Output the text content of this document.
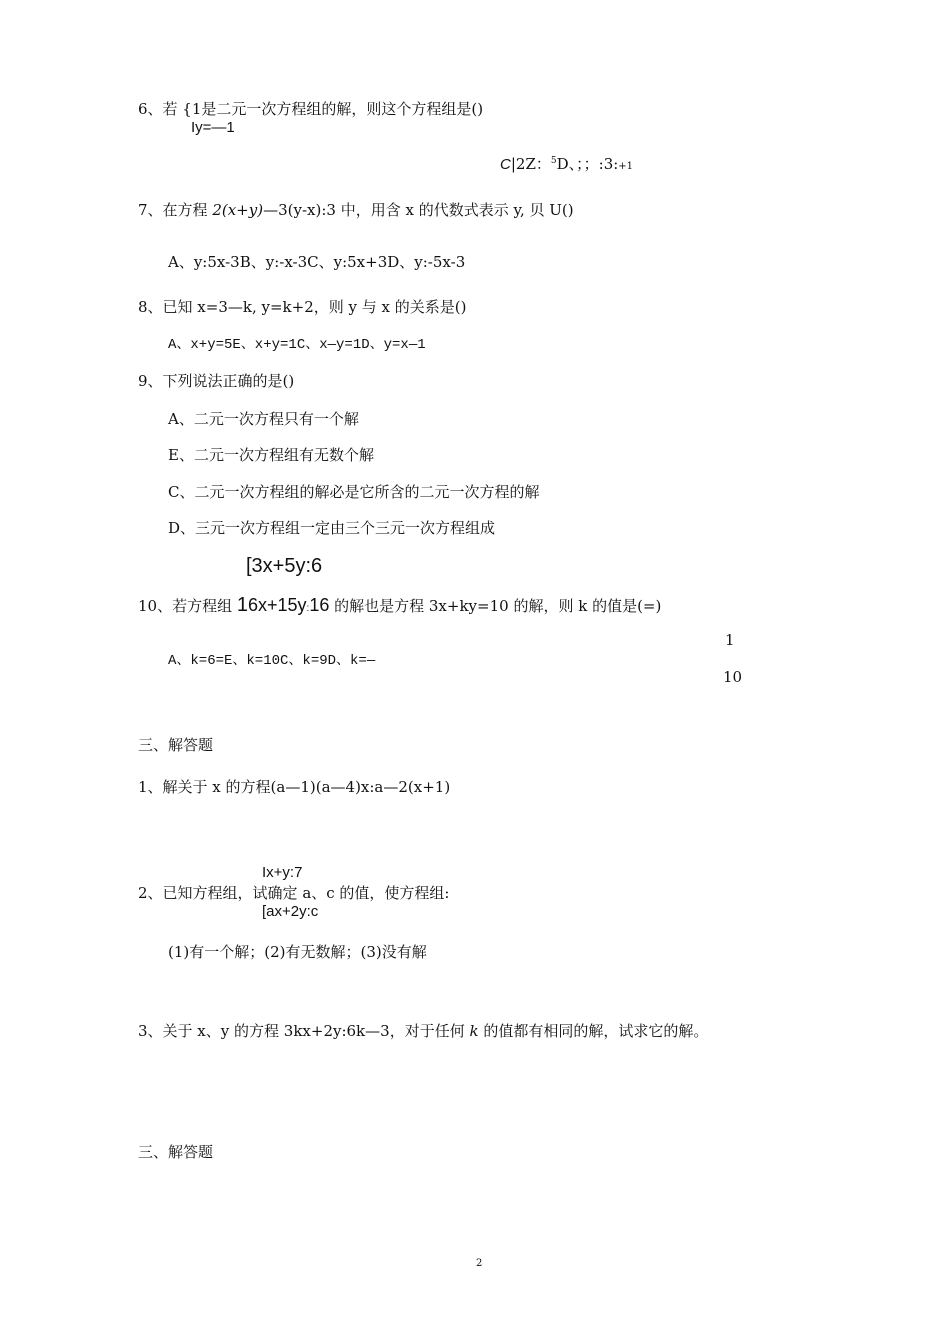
6、若 {1是二元一次方程组的解，则这个方程组是()
Iy=—1
C|2Z：$^5$D、；；:3:+1
7、在方程 2(x+y)—3(y-x):3 中，用含 x 的代数式表示 y, 贝 U()
A、y:5x-3B、y:-x-3C、y:5x+3D、y:-5x-3
8、已知 x=3—k, y=k+2，则 y 与 x 的关系是()
A、x+y=5E、x+y=1C、x—y=1D、y=x—1
9、下列说法正确的是()
A、二元一次方程只有一个解
E、二元一次方程组有无数个解
C、二元一次方程组的解必是它所含的二元一次方程的解
D、三元一次方程组一定由三个三元一次方程组成
[3x+5y:6
10、若方程组 16x+15y:16 的解也是方程 3x+ky=10 的解，则 k 的值是(=)
1
A、k=6=E、k=10C、k=9D、k=—
10
三、解答题
1、解关于 x 的方程(a—1)(a—4)x:a—2(x+1)
Ix+y:7
2、已知方程组，试确定 a、c 的值，使方程组:
[ax+2y:c
(1)有一个解；(2)有无数解；(3)没有解
3、关于 x、y 的方程 3kx+2y:6k—3，对于任何 k 的值都有相同的解，试求它的解。
三、解答题
2
